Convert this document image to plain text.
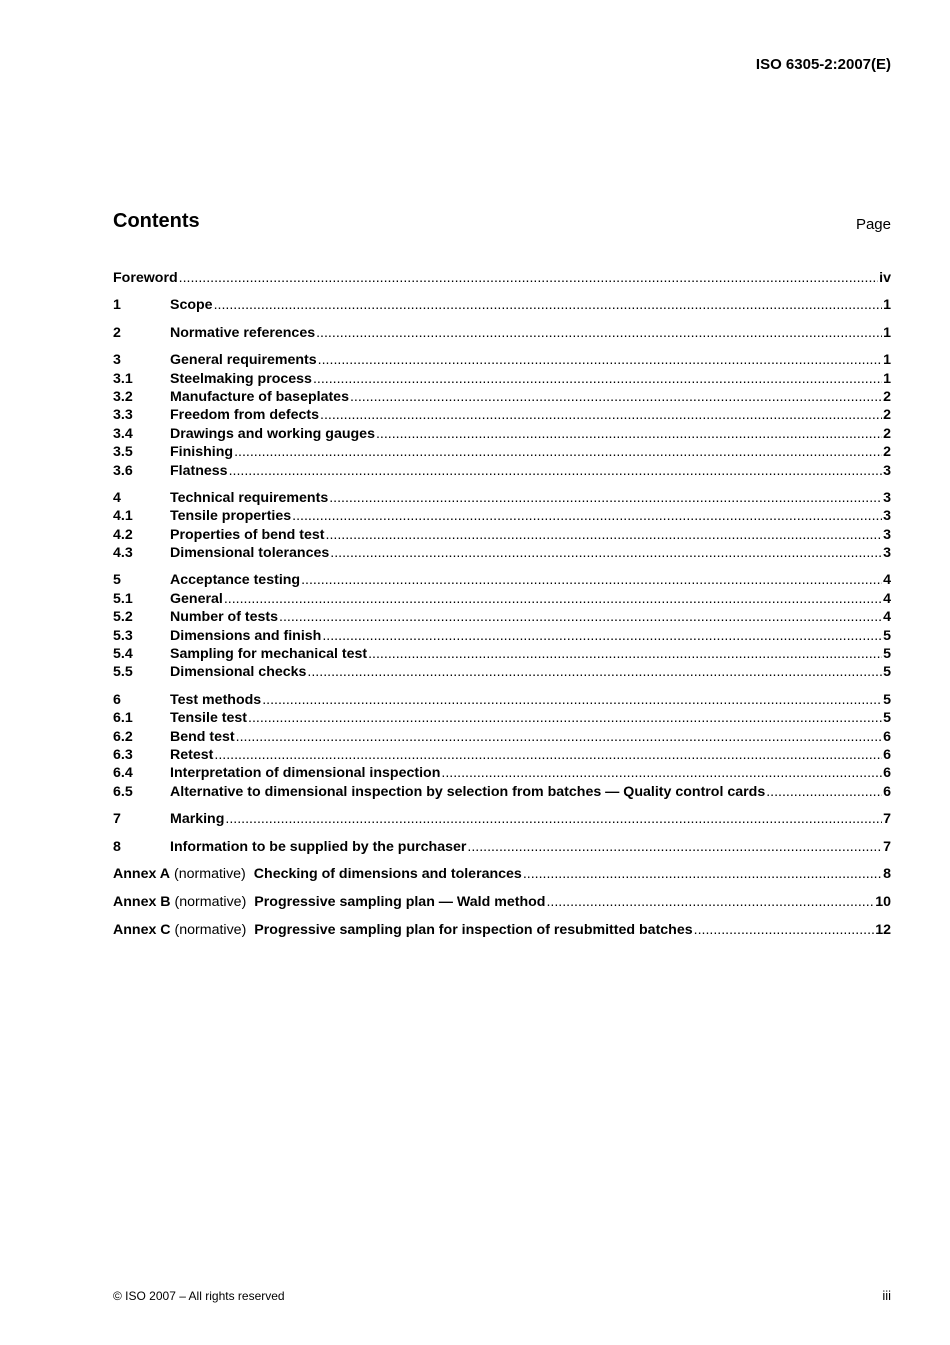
ISO 6305-2:2007(E)
Contents	Page
Foreword .....	iv
1	Scope .....	1
2	Normative references .....	1
3	General requirements .....	1
3.1	Steelmaking process .....	1
3.2	Manufacture of baseplates .....	2
3.3	Freedom from defects .....	2
3.4	Drawings and working gauges .....	2
3.5	Finishing .....	2
3.6	Flatness .....	3
4	Technical requirements .....	3
4.1	Tensile properties .....	3
4.2	Properties of bend test .....	3
4.3	Dimensional tolerances .....	3
5	Acceptance testing .....	4
5.1	General .....	4
5.2	Number of tests .....	4
5.3	Dimensions and finish .....	5
5.4	Sampling for mechanical test .....	5
5.5	Dimensional checks .....	5
6	Test methods .....	5
6.1	Tensile test .....	5
6.2	Bend test .....	6
6.3	Retest .....	6
6.4	Interpretation of dimensional inspection .....	6
6.5	Alternative to dimensional inspection by selection from batches — Quality control cards .....	6
7	Marking .....	7
8	Information to be supplied by the purchaser .....	7
Annex A (normative) Checking of dimensions and tolerances .....	8
Annex B (normative) Progressive sampling plan — Wald method .....	10
Annex C (normative) Progressive sampling plan for inspection of resubmitted batches .....	12
© ISO 2007 – All rights reserved	iii
